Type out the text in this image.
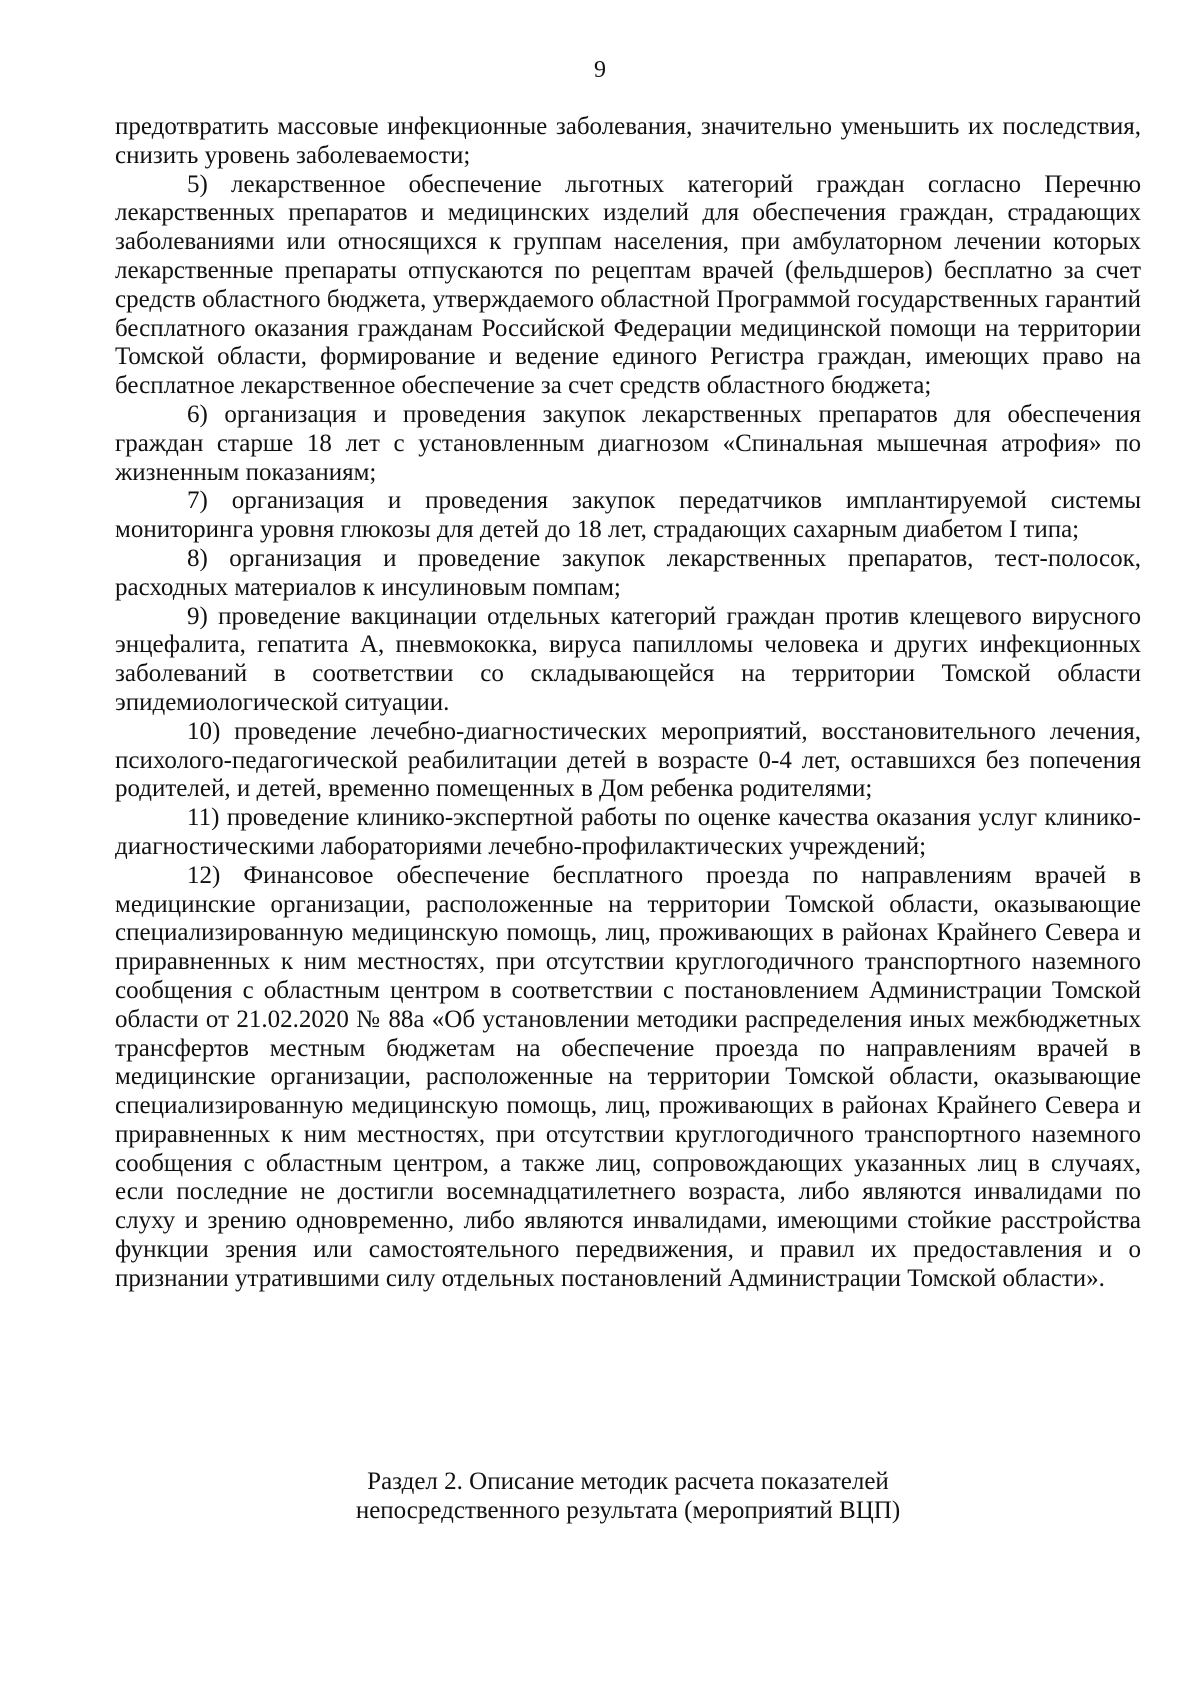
9

предотвратить массовые инфекционные заболевания, значительно уменьшить их последствия, снизить уровень заболеваемости;

5) лекарственное обеспечение льготных категорий граждан согласно Перечню лекарственных препаратов и медицинских изделий для обеспечения граждан, страдающих заболеваниями или относящихся к группам населения, при амбулаторном лечении которых лекарственные препараты отпускаются по рецептам врачей (фельдшеров) бесплатно за счет средств областного бюджета, утверждаемого областной Программой государственных гарантий бесплатного оказания гражданам Российской Федерации медицинской помощи на территории Томской области, формирование и ведение единого Регистра граждан, имеющих право на бесплатное лекарственное обеспечение за счет средств областного бюджета;

6) организация и проведения закупок лекарственных препаратов для обеспечения граждан старше 18 лет с установленным диагнозом «Спинальная мышечная атрофия» по жизненным показаниям;

7) организация и проведения закупок передатчиков имплантируемой системы мониторинга уровня глюкозы для детей до 18 лет, страдающих сахарным диабетом I типа;

8) организация и проведение закупок лекарственных препаратов, тест-полосок, расходных материалов к инсулиновым помпам;

9) проведение вакцинации отдельных категорий граждан против клещевого вирусного энцефалита, гепатита А, пневмококка, вируса папилломы человека и других инфекционных заболеваний в соответствии со складывающейся на территории Томской области эпидемиологической ситуации.

10) проведение лечебно-диагностических мероприятий, восстановительного лечения, психолого-педагогической реабилитации детей в возрасте 0-4 лет, оставшихся без попечения родителей, и детей, временно помещенных в Дом ребенка родителями;

11) проведение клинико-экспертной работы по оценке качества оказания услуг клинико-диагностическими лабораториями лечебно-профилактических учреждений;

12) Финансовое обеспечение бесплатного проезда по направлениям врачей в медицинские организации, расположенные на территории Томской области, оказывающие специализированную медицинскую помощь, лиц, проживающих в районах Крайнего Севера и приравненных к ним местностях, при отсутствии круглогодичного транспортного наземного сообщения с областным центром в соответствии с постановлением Администрации Томской области от 21.02.2020 № 88а «Об установлении методики распределения иных межбюджетных трансфертов местным бюджетам на обеспечение проезда по направлениям врачей в медицинские организации, расположенные на территории Томской области, оказывающие специализированную медицинскую помощь, лиц, проживающих в районах Крайнего Севера и приравненных к ним местностях, при отсутствии круглогодичного транспортного наземного сообщения с областным центром, а также лиц, сопровождающих указанных лиц в случаях, если последние не достигли восемнадцатилетнего возраста, либо являются инвалидами по слуху и зрению одновременно, либо являются инвалидами, имеющими стойкие расстройства функции зрения или самостоятельного передвижения, и правил их предоставления и о признании утратившими силу отдельных постановлений Администрации Томской области».

Раздел 2. Описание методик расчета показателей
непосредственного результата (мероприятий ВЦП)
